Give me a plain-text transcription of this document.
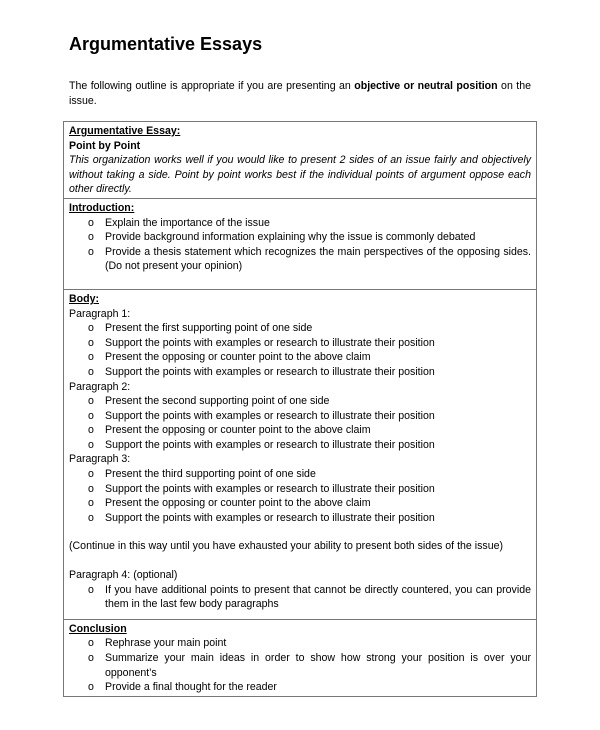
Argumentative Essays
The following outline is appropriate if you are presenting an objective or neutral position on the issue.
Argumentative Essay:
Point by Point
This organization works well if you would like to present 2 sides of an issue fairly and objectively without taking a side. Point by point works best if the individual points of argument oppose each other directly.
Introduction:
o Explain the importance of the issue
o Provide background information explaining why the issue is commonly debated
o Provide a thesis statement which recognizes the main perspectives of the opposing sides. (Do not present your opinion)
Body:
Paragraph 1:
o Present the first supporting point of one side
o Support the points with examples or research to illustrate their position
o Present the opposing or counter point to the above claim
o Support the points with examples or research to illustrate their position
Paragraph 2:
o Present the second supporting point of one side
o Support the points with examples or research to illustrate their position
o Present the opposing or counter point to the above claim
o Support the points with examples or research to illustrate their position
Paragraph 3:
o Present the third supporting point of one side
o Support the points with examples or research to illustrate their position
o Present the opposing or counter point to the above claim
o Support the points with examples or research to illustrate their position
(Continue in this way until you have exhausted your ability to present both sides of the issue)
Paragraph 4: (optional)
o If you have additional points to present that cannot be directly countered, you can provide them in the last few body paragraphs
Conclusion
o Rephrase your main point
o Summarize your main ideas in order to show how strong your position is over your opponent’s
o Provide a final thought for the reader
